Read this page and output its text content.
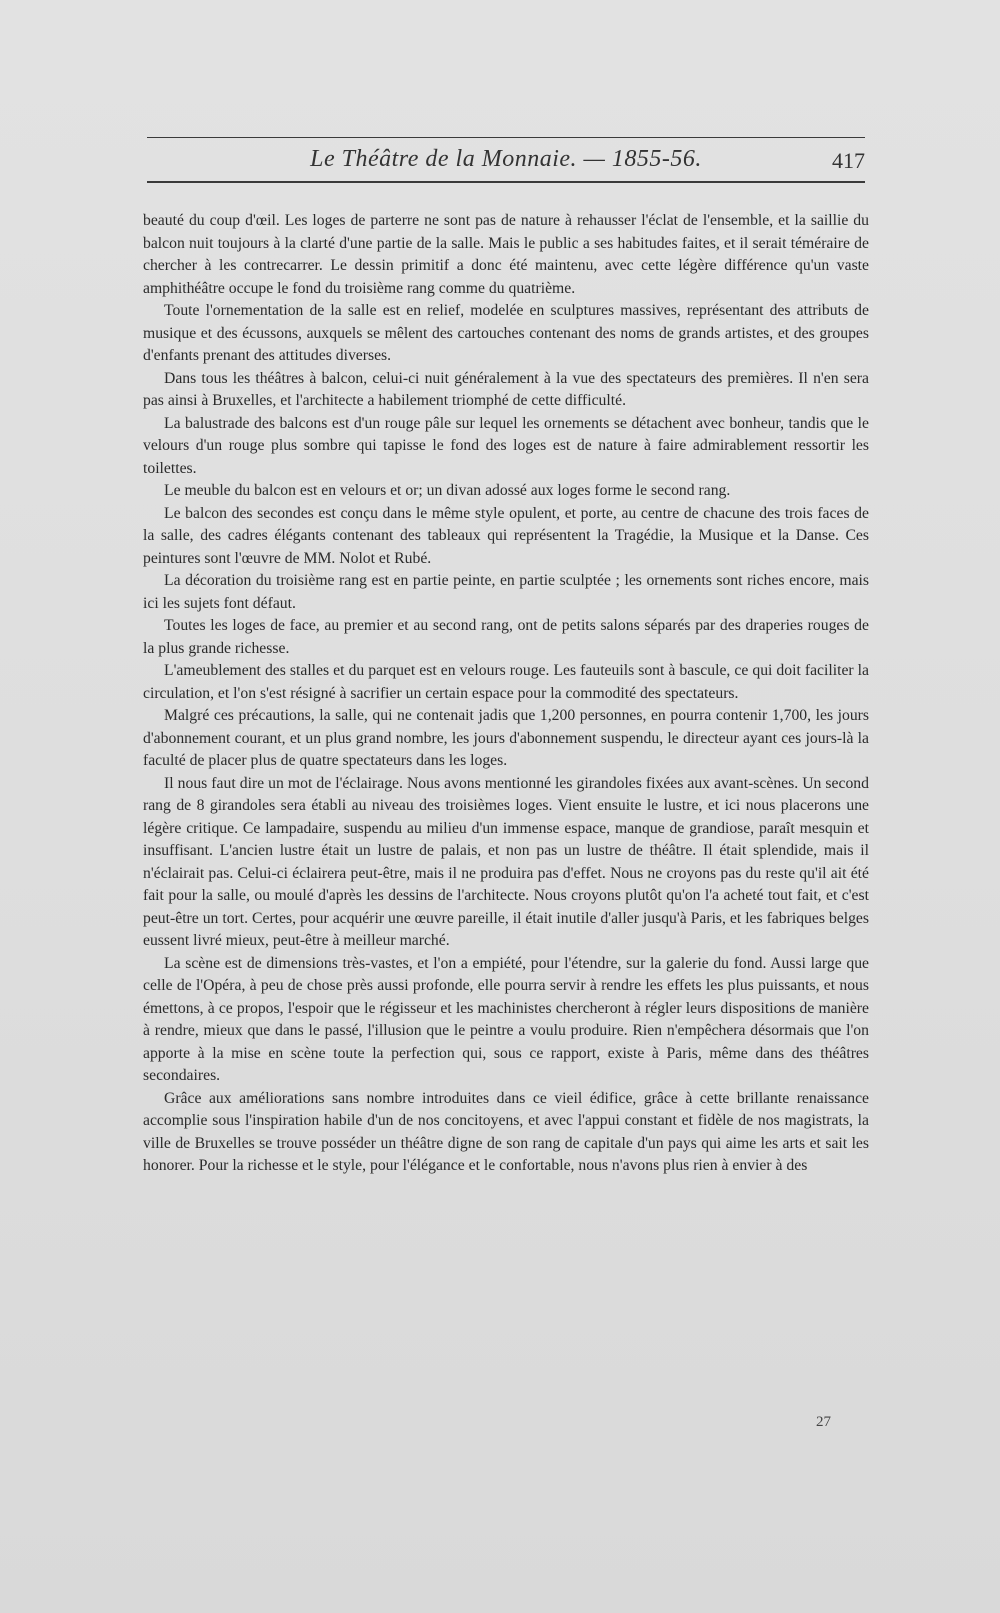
Le Théâtre de la Monnaie. — 1855-56.	417

beauté du coup d'œil. Les loges de parterre ne sont pas de nature à rehausser l'éclat de l'ensemble, et la saillie du balcon nuit toujours à la clarté d'une partie de la salle. Mais le public a ses habitudes faites, et il serait téméraire de chercher à les contrecarrer. Le dessin primitif a donc été maintenu, avec cette légère différence qu'un vaste amphithéâtre occupe le fond du troisième rang comme du quatrième.

Toute l'ornementation de la salle est en relief, modelée en sculptures massives, représentant des attributs de musique et des écussons, auxquels se mêlent des cartouches contenant des noms de grands artistes, et des groupes d'enfants prenant des attitudes diverses.

Dans tous les théâtres à balcon, celui-ci nuit généralement à la vue des spectateurs des premières. Il n'en sera pas ainsi à Bruxelles, et l'architecte a habilement triomphé de cette difficulté.

La balustrade des balcons est d'un rouge pâle sur lequel les ornements se détachent avec bonheur, tandis que le velours d'un rouge plus sombre qui tapisse le fond des loges est de nature à faire admirablement ressortir les toilettes.

Le meuble du balcon est en velours et or; un divan adossé aux loges forme le second rang.

Le balcon des secondes est conçu dans le même style opulent, et porte, au centre de chacune des trois faces de la salle, des cadres élégants contenant des tableaux qui représentent la Tragédie, la Musique et la Danse. Ces peintures sont l'œuvre de MM. Nolot et Rubé.

La décoration du troisième rang est en partie peinte, en partie sculptée ; les ornements sont riches encore, mais ici les sujets font défaut.

Toutes les loges de face, au premier et au second rang, ont de petits salons séparés par des draperies rouges de la plus grande richesse.

L'ameublement des stalles et du parquet est en velours rouge. Les fauteuils sont à bascule, ce qui doit faciliter la circulation, et l'on s'est résigné à sacrifier un certain espace pour la commodité des spectateurs.

Malgré ces précautions, la salle, qui ne contenait jadis que 1,200 personnes, en pourra contenir 1,700, les jours d'abonnement courant, et un plus grand nombre, les jours d'abonnement suspendu, le directeur ayant ces jours-là la faculté de placer plus de quatre spectateurs dans les loges.

Il nous faut dire un mot de l'éclairage. Nous avons mentionné les girandoles fixées aux avant-scènes. Un second rang de 8 girandoles sera établi au niveau des troisièmes loges. Vient ensuite le lustre, et ici nous placerons une légère critique. Ce lampadaire, suspendu au milieu d'un immense espace, manque de grandiose, paraît mesquin et insuffisant. L'ancien lustre était un lustre de palais, et non pas un lustre de théâtre. Il était splendide, mais il n'éclairait pas. Celui-ci éclairera peut-être, mais il ne produira pas d'effet. Nous ne croyons pas du reste qu'il ait été fait pour la salle, ou moulé d'après les dessins de l'architecte. Nous croyons plutôt qu'on l'a acheté tout fait, et c'est peut-être un tort. Certes, pour acquérir une œuvre pareille, il était inutile d'aller jusqu'à Paris, et les fabriques belges eussent livré mieux, peut-être à meilleur marché.

La scène est de dimensions très-vastes, et l'on a empiété, pour l'étendre, sur la galerie du fond. Aussi large que celle de l'Opéra, à peu de chose près aussi profonde, elle pourra servir à rendre les effets les plus puissants, et nous émettons, à ce propos, l'espoir que le régisseur et les machinistes chercheront à régler leurs dispositions de manière à rendre, mieux que dans le passé, l'illusion que le peintre a voulu produire. Rien n'empêchera désormais que l'on apporte à la mise en scène toute la perfection qui, sous ce rapport, existe à Paris, même dans des théâtres secondaires.

Grâce aux améliorations sans nombre introduites dans ce vieil édifice, grâce à cette brillante renaissance accomplie sous l'inspiration habile d'un de nos concitoyens, et avec l'appui constant et fidèle de nos magistrats, la ville de Bruxelles se trouve posséder un théâtre digne de son rang de capitale d'un pays qui aime les arts et sait les honorer. Pour la richesse et le style, pour l'élégance et le confortable, nous n'avons plus rien à envier à des

27
